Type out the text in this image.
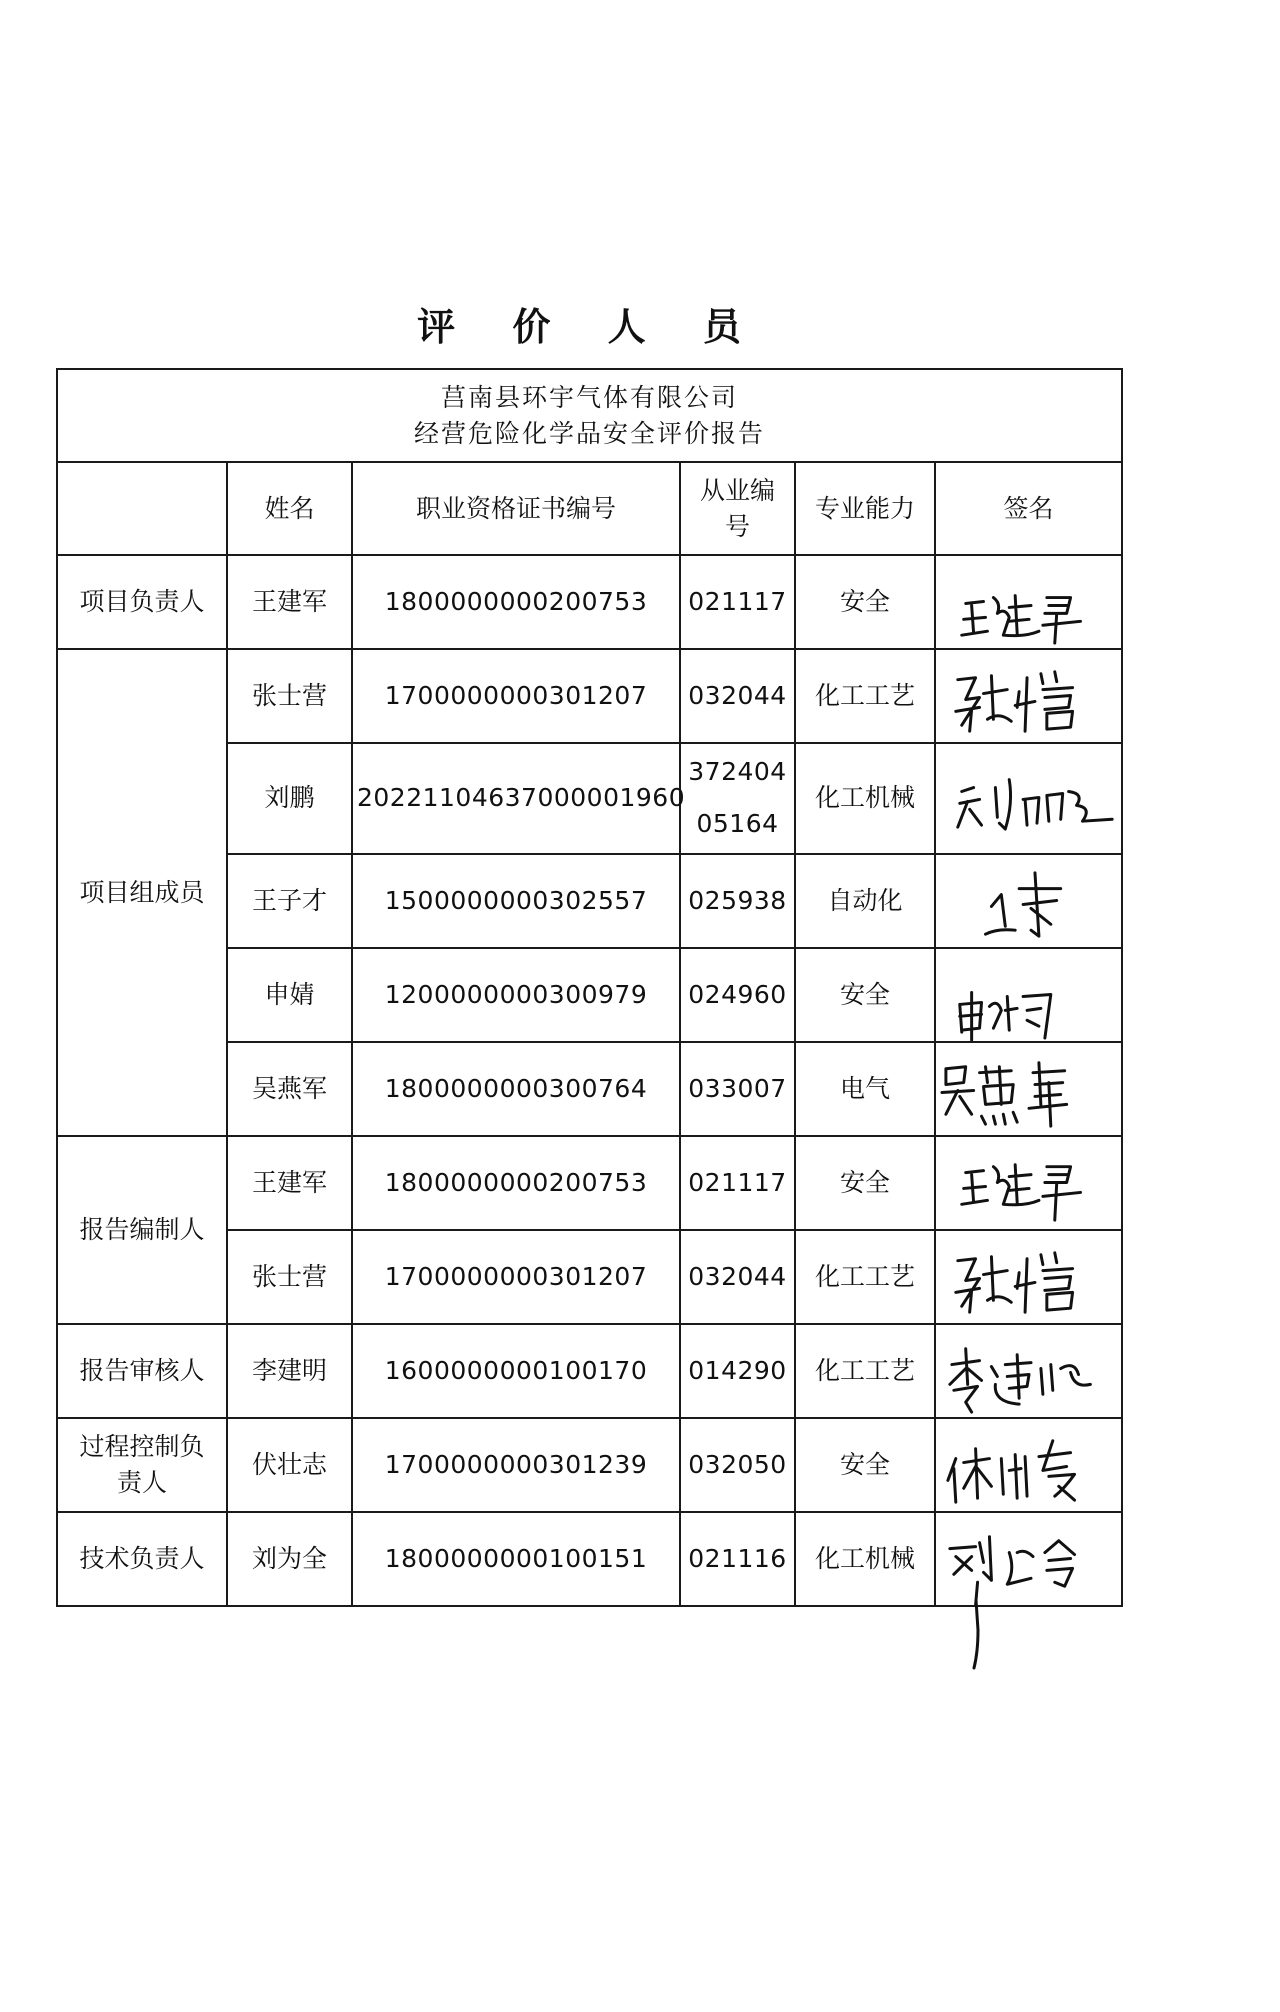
评 价 人 员
莒南县环宇气体有限公司
经营危险化学品安全评价报告					

	姓名	职业资格证书编号	从业编
号	专业能力	签名
项目负责人	王建军	1800000000200753	021117	安全	

项目组成员	张士营	1700000000301207	032044	化工工艺	

	刘鹏	20221104637000001960	372404
05164	化工机械	

	王子才	1500000000302557	025938	自动化	

	申婧	1200000000300979	024960	安全	

	吴燕军	1800000000300764	033007	电气	

报告编制人	王建军	1800000000200753	021117	安全	

	张士营	1700000000301207	032044	化工工艺	

报告审核人	李建明	1600000000100170	014290	化工工艺	

过程控制负
责人	伏壮志	1700000000301239	032050	安全	

技术负责人	刘为全	1800000000100151	021116	化工机械	
